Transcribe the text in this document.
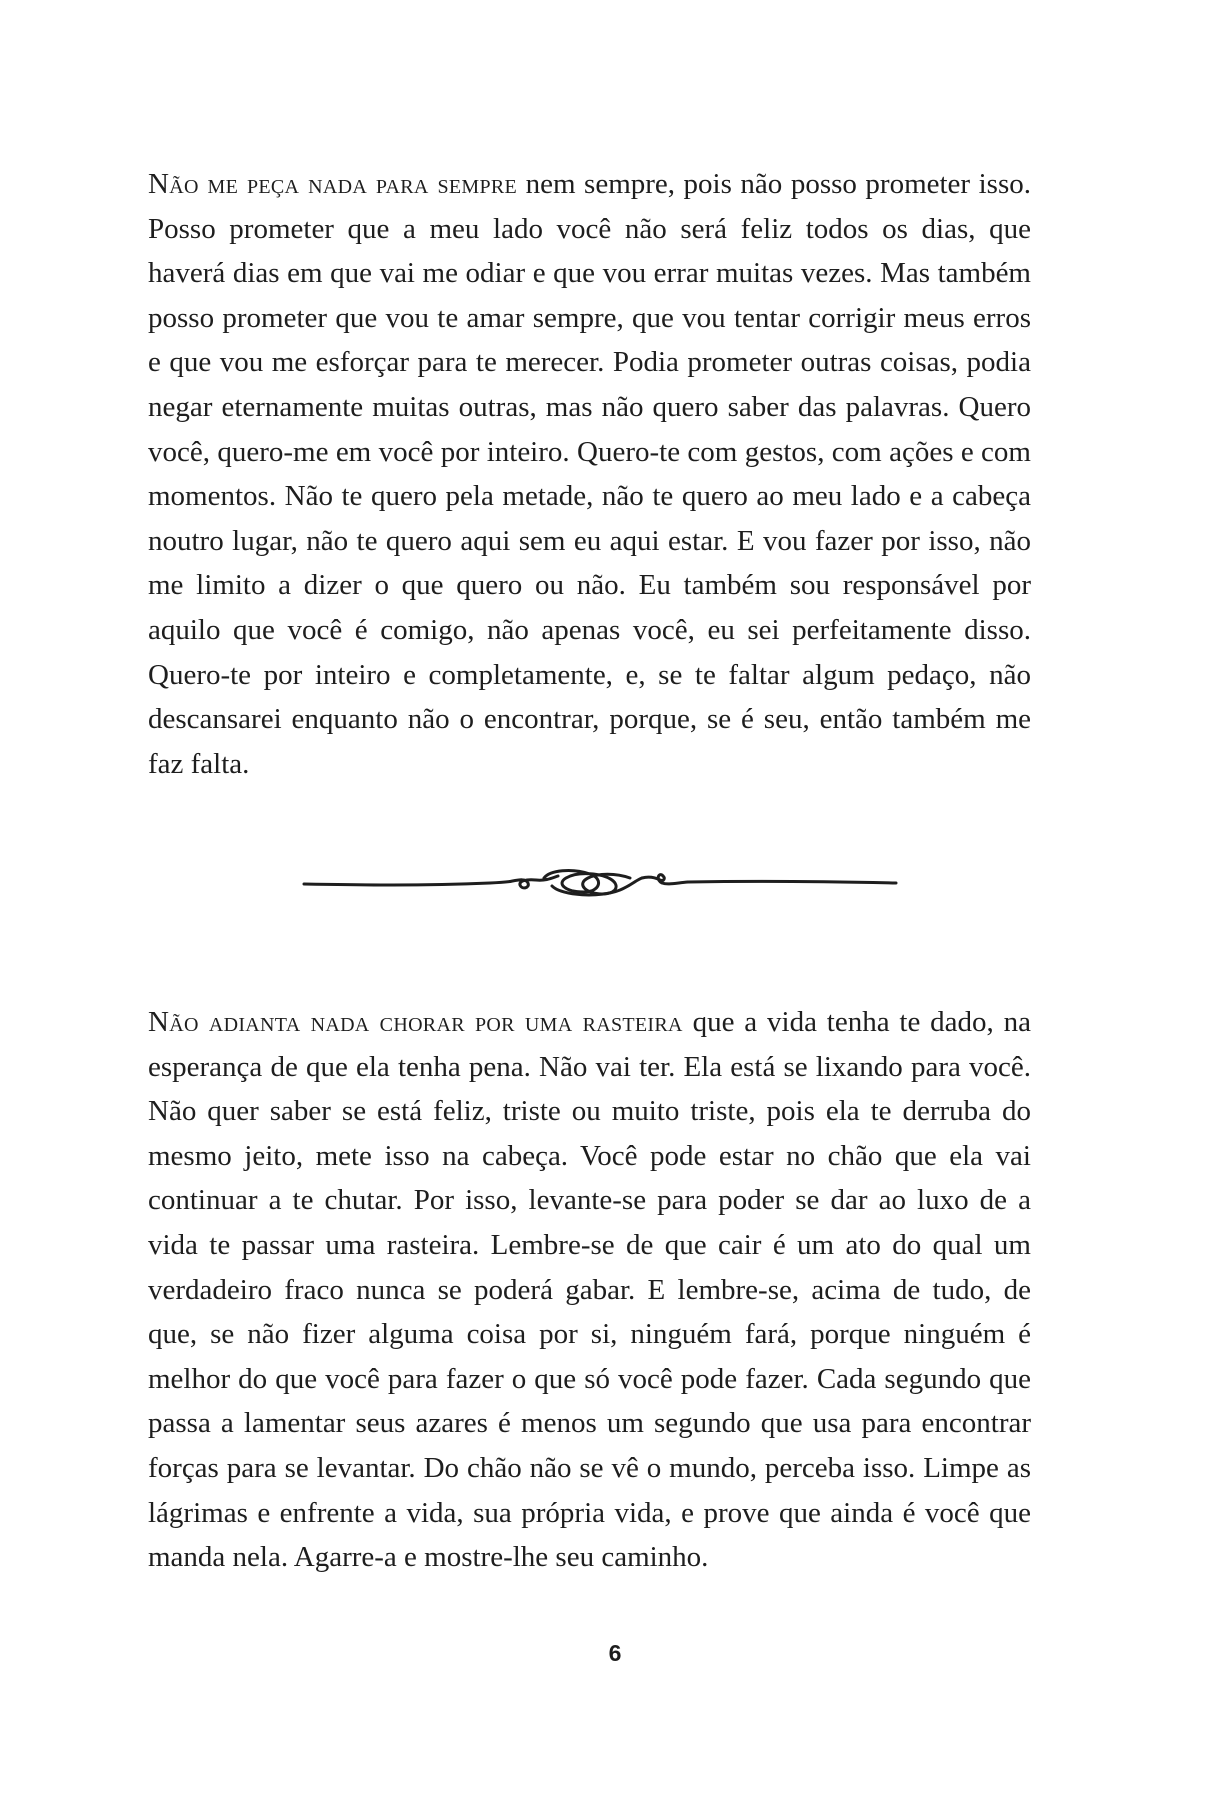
Não me peça nada para sempre nem sempre, pois não posso prometer isso. Posso prometer que a meu lado você não será feliz todos os dias, que haverá dias em que vai me odiar e que vou errar muitas vezes. Mas também posso prometer que vou te amar sempre, que vou tentar corrigir meus erros e que vou me esforçar para te merecer. Podia prometer outras coisas, podia negar eternamente muitas outras, mas não quero saber das palavras. Quero você, quero-me em você por inteiro. Quero-te com gestos, com ações e com momentos. Não te quero pela metade, não te quero ao meu lado e a cabeça noutro lugar, não te quero aqui sem eu aqui estar. E vou fazer por isso, não me limito a dizer o que quero ou não. Eu também sou responsável por aquilo que você é comigo, não apenas você, eu sei perfeitamente disso. Quero-te por inteiro e completamente, e, se te faltar algum pedaço, não descansarei enquanto não o encontrar, porque, se é seu, então também me faz falta.

Não adianta nada chorar por uma rasteira que a vida tenha te dado, na esperança de que ela tenha pena. Não vai ter. Ela está se lixando para você. Não quer saber se está feliz, triste ou muito triste, pois ela te derruba do mesmo jeito, mete isso na cabeça. Você pode estar no chão que ela vai continuar a te chutar. Por isso, levante-se para poder se dar ao luxo de a vida te passar uma rasteira. Lembre-se de que cair é um ato do qual um verdadeiro fraco nunca se poderá gabar. E lembre-se, acima de tudo, de que, se não fizer alguma coisa por si, ninguém fará, porque ninguém é melhor do que você para fazer o que só você pode fazer. Cada segundo que passa a lamentar seus azares é menos um segundo que usa para encontrar forças para se levantar. Do chão não se vê o mundo, perceba isso. Limpe as lágrimas e enfrente a vida, sua própria vida, e prove que ainda é você que manda nela. Agarre-a e mostre-lhe seu caminho.

6
